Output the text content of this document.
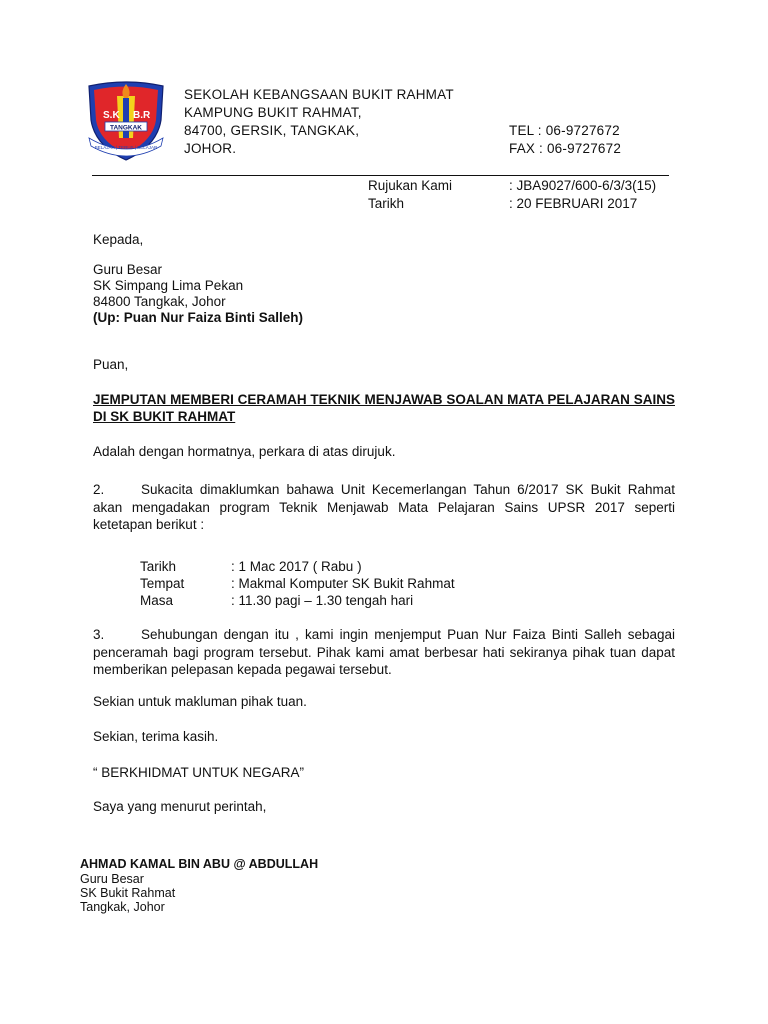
S.K B.R
TANGKAK
BELAJAR | TERUS | BELAJAR
SEKOLAH KEBANGSAAN BUKIT RAHMAT
KAMPUNG BUKIT RAHMAT,
84700, GERSIK, TANGKAK,
JOHOR.
TEL : 06-9727672
FAX : 06-9727672
Rujukan Kami	: JBA9027/600-6/3/3(15)
Tarikh	: 20 FEBRUARI 2017
Kepada,
Guru Besar
SK Simpang Lima Pekan
84800 Tangkak, Johor
(Up: Puan Nur Faiza Binti Salleh)
Puan,
JEMPUTAN MEMBERI CERAMAH TEKNIK MENJAWAB SOALAN MATA PELAJARAN SAINS DI SK BUKIT RAHMAT
Adalah dengan hormatnya, perkara di atas dirujuk.
2.	Sukacita dimaklumkan bahawa Unit Kecemerlangan Tahun 6/2017 SK Bukit Rahmat akan mengadakan program Teknik Menjawab Mata Pelajaran Sains UPSR 2017 seperti ketetapan berikut :
Tarikh	: 1 Mac 2017 ( Rabu )
Tempat	: Makmal Komputer SK Bukit Rahmat
Masa	: 11.30 pagi – 1.30 tengah hari
3.	Sehubungan dengan itu , kami ingin menjemput Puan Nur Faiza Binti Salleh sebagai penceramah bagi program tersebut. Pihak kami amat berbesar hati sekiranya pihak tuan dapat memberikan pelepasan kepada pegawai tersebut.
Sekian untuk makluman pihak tuan.
Sekian, terima kasih.
“ BERKHIDMAT UNTUK NEGARA”
Saya yang menurut perintah,
AHMAD KAMAL BIN ABU @ ABDULLAH
Guru Besar
SK Bukit Rahmat
Tangkak, Johor
